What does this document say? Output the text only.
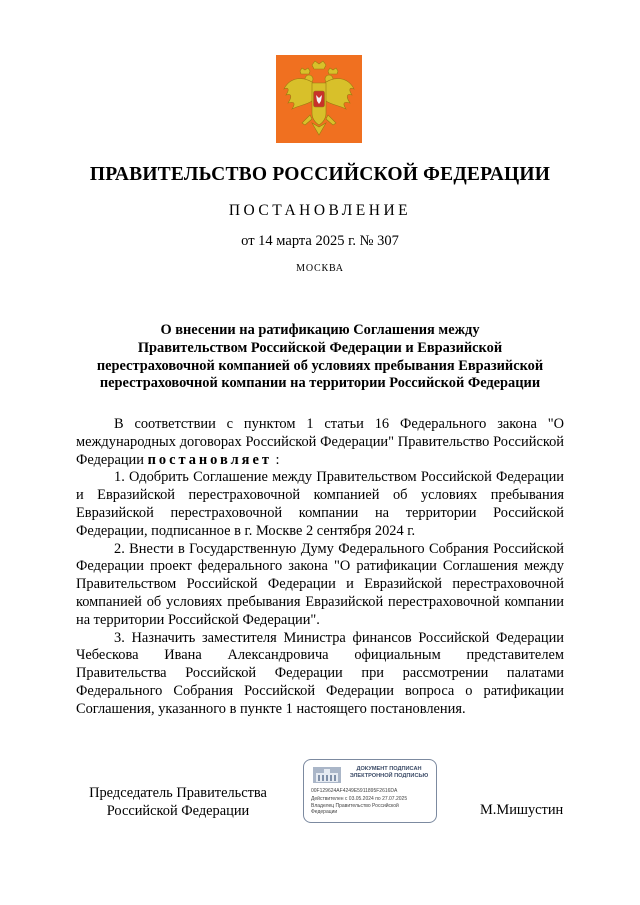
ПРАВИТЕЛЬСТВО РОССИЙСКОЙ ФЕДЕРАЦИИ
ПОСТАНОВЛЕНИЕ
от 14 марта 2025 г. № 307
МОСКВА
О внесении на ратификацию Соглашения между
Правительством Российской Федерации и Евразийской
перестраховочной компанией об условиях пребывания Евразийской
перестраховочной компании на территории Российской Федерации

В соответствии с пунктом 1 статьи 16 Федерального закона "О международных договорах Российской Федерации" Правительство Российской Федерации постановляет :

1. Одобрить Соглашение между Правительством Российской Федерации и Евразийской перестраховочной компанией об условиях пребывания Евразийской перестраховочной компании на территории Российской Федерации, подписанное в г. Москве 2 сентября 2024 г.

2. Внести в Государственную Думу Федерального Собрания Российской Федерации проект федерального закона "О ратификации Соглашения между Правительством Российской Федерации и Евразийской перестраховочной компанией об условиях пребывания Евразийской перестраховочной компании на территории Российской Федерации".

3. Назначить заместителя Министра финансов Российской Федерации Чебескова Ивана Александровича официальным представителем Правительства Российской Федерации при рассмотрении палатами Федерального Собрания Российской Федерации вопроса о ратификации Соглашения, указанного в пункте 1 настоящего постановления.

Председатель Правительства
Российской Федерации
ДОКУМЕНТ ПОДПИСАН
ЭЛЕКТРОННОЙ ПОДПИСЬЮ
00F129624AF4249E5911895F2616DA
Действителен с 03.05.2024 по 27.07.2025
Владелец Правительство Российской
Федерации	М.Мишустин
